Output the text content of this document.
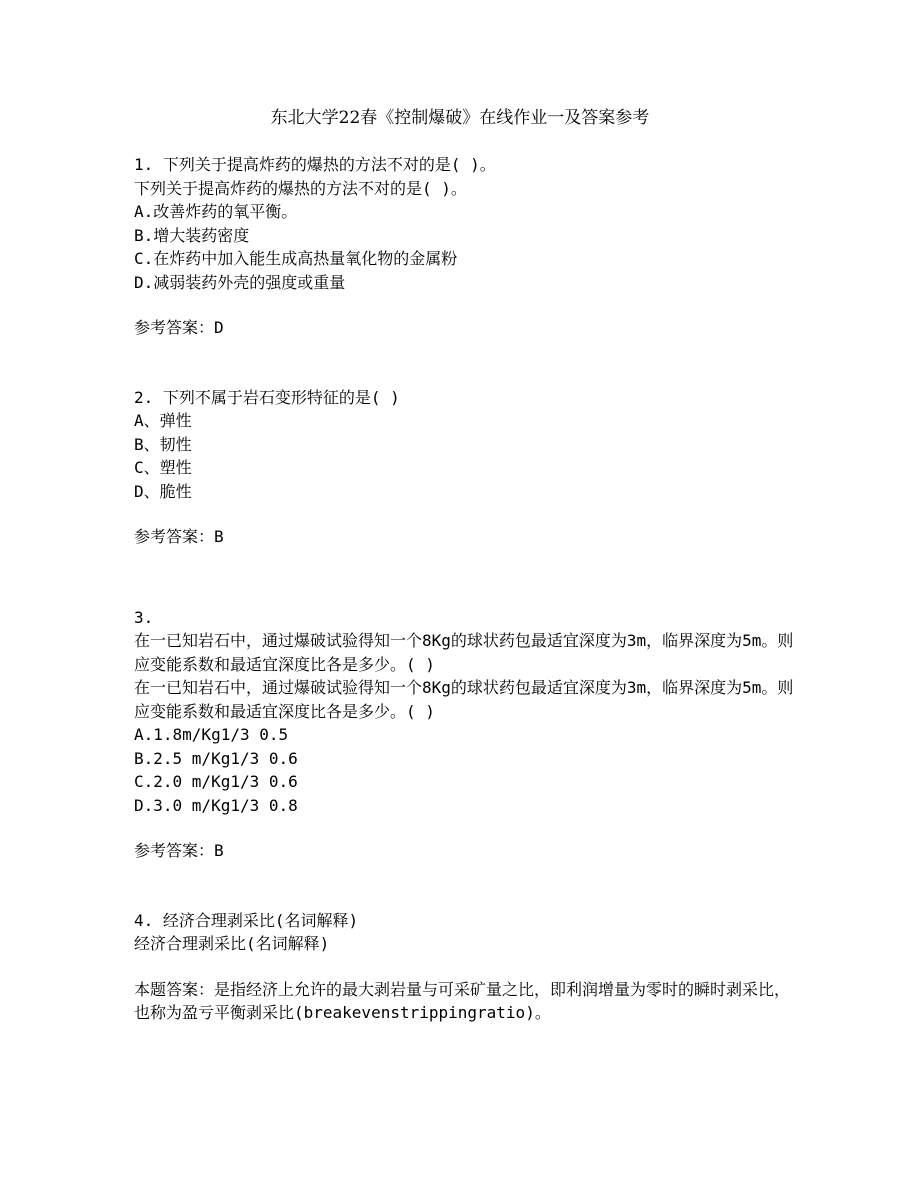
东北大学22春《控制爆破》在线作业一及答案参考
1. 下列关于提高炸药的爆热的方法不对的是( )。
下列关于提高炸药的爆热的方法不对的是( )。
A.改善炸药的氧平衡。
B.增大装药密度
C.在炸药中加入能生成高热量氧化物的金属粉
D.减弱装药外壳的强度或重量
参考答案：D
2. 下列不属于岩石变形特征的是( )
A、弹性
B、韧性
C、塑性
D、脆性
参考答案：B
3.
在一已知岩石中，通过爆破试验得知一个8Kg的球状药包最适宜深度为3m，临界深度为5m。则应变能系数和最适宜深度比各是多少。( )
在一已知岩石中，通过爆破试验得知一个8Kg的球状药包最适宜深度为3m，临界深度为5m。则应变能系数和最适宜深度比各是多少。( )
A.1.8m/Kg1/3 0.5
B.2.5 m/Kg1/3 0.6
C.2.0 m/Kg1/3 0.6
D.3.0 m/Kg1/3 0.8
参考答案：B
4. 经济合理剥采比(名词解释)
经济合理剥采比(名词解释)
本题答案：是指经济上允许的最大剥岩量与可采矿量之比，即利润增量为零时的瞬时剥采比，也称为盈亏平衡剥采比(breakevenstrippingratio)。
